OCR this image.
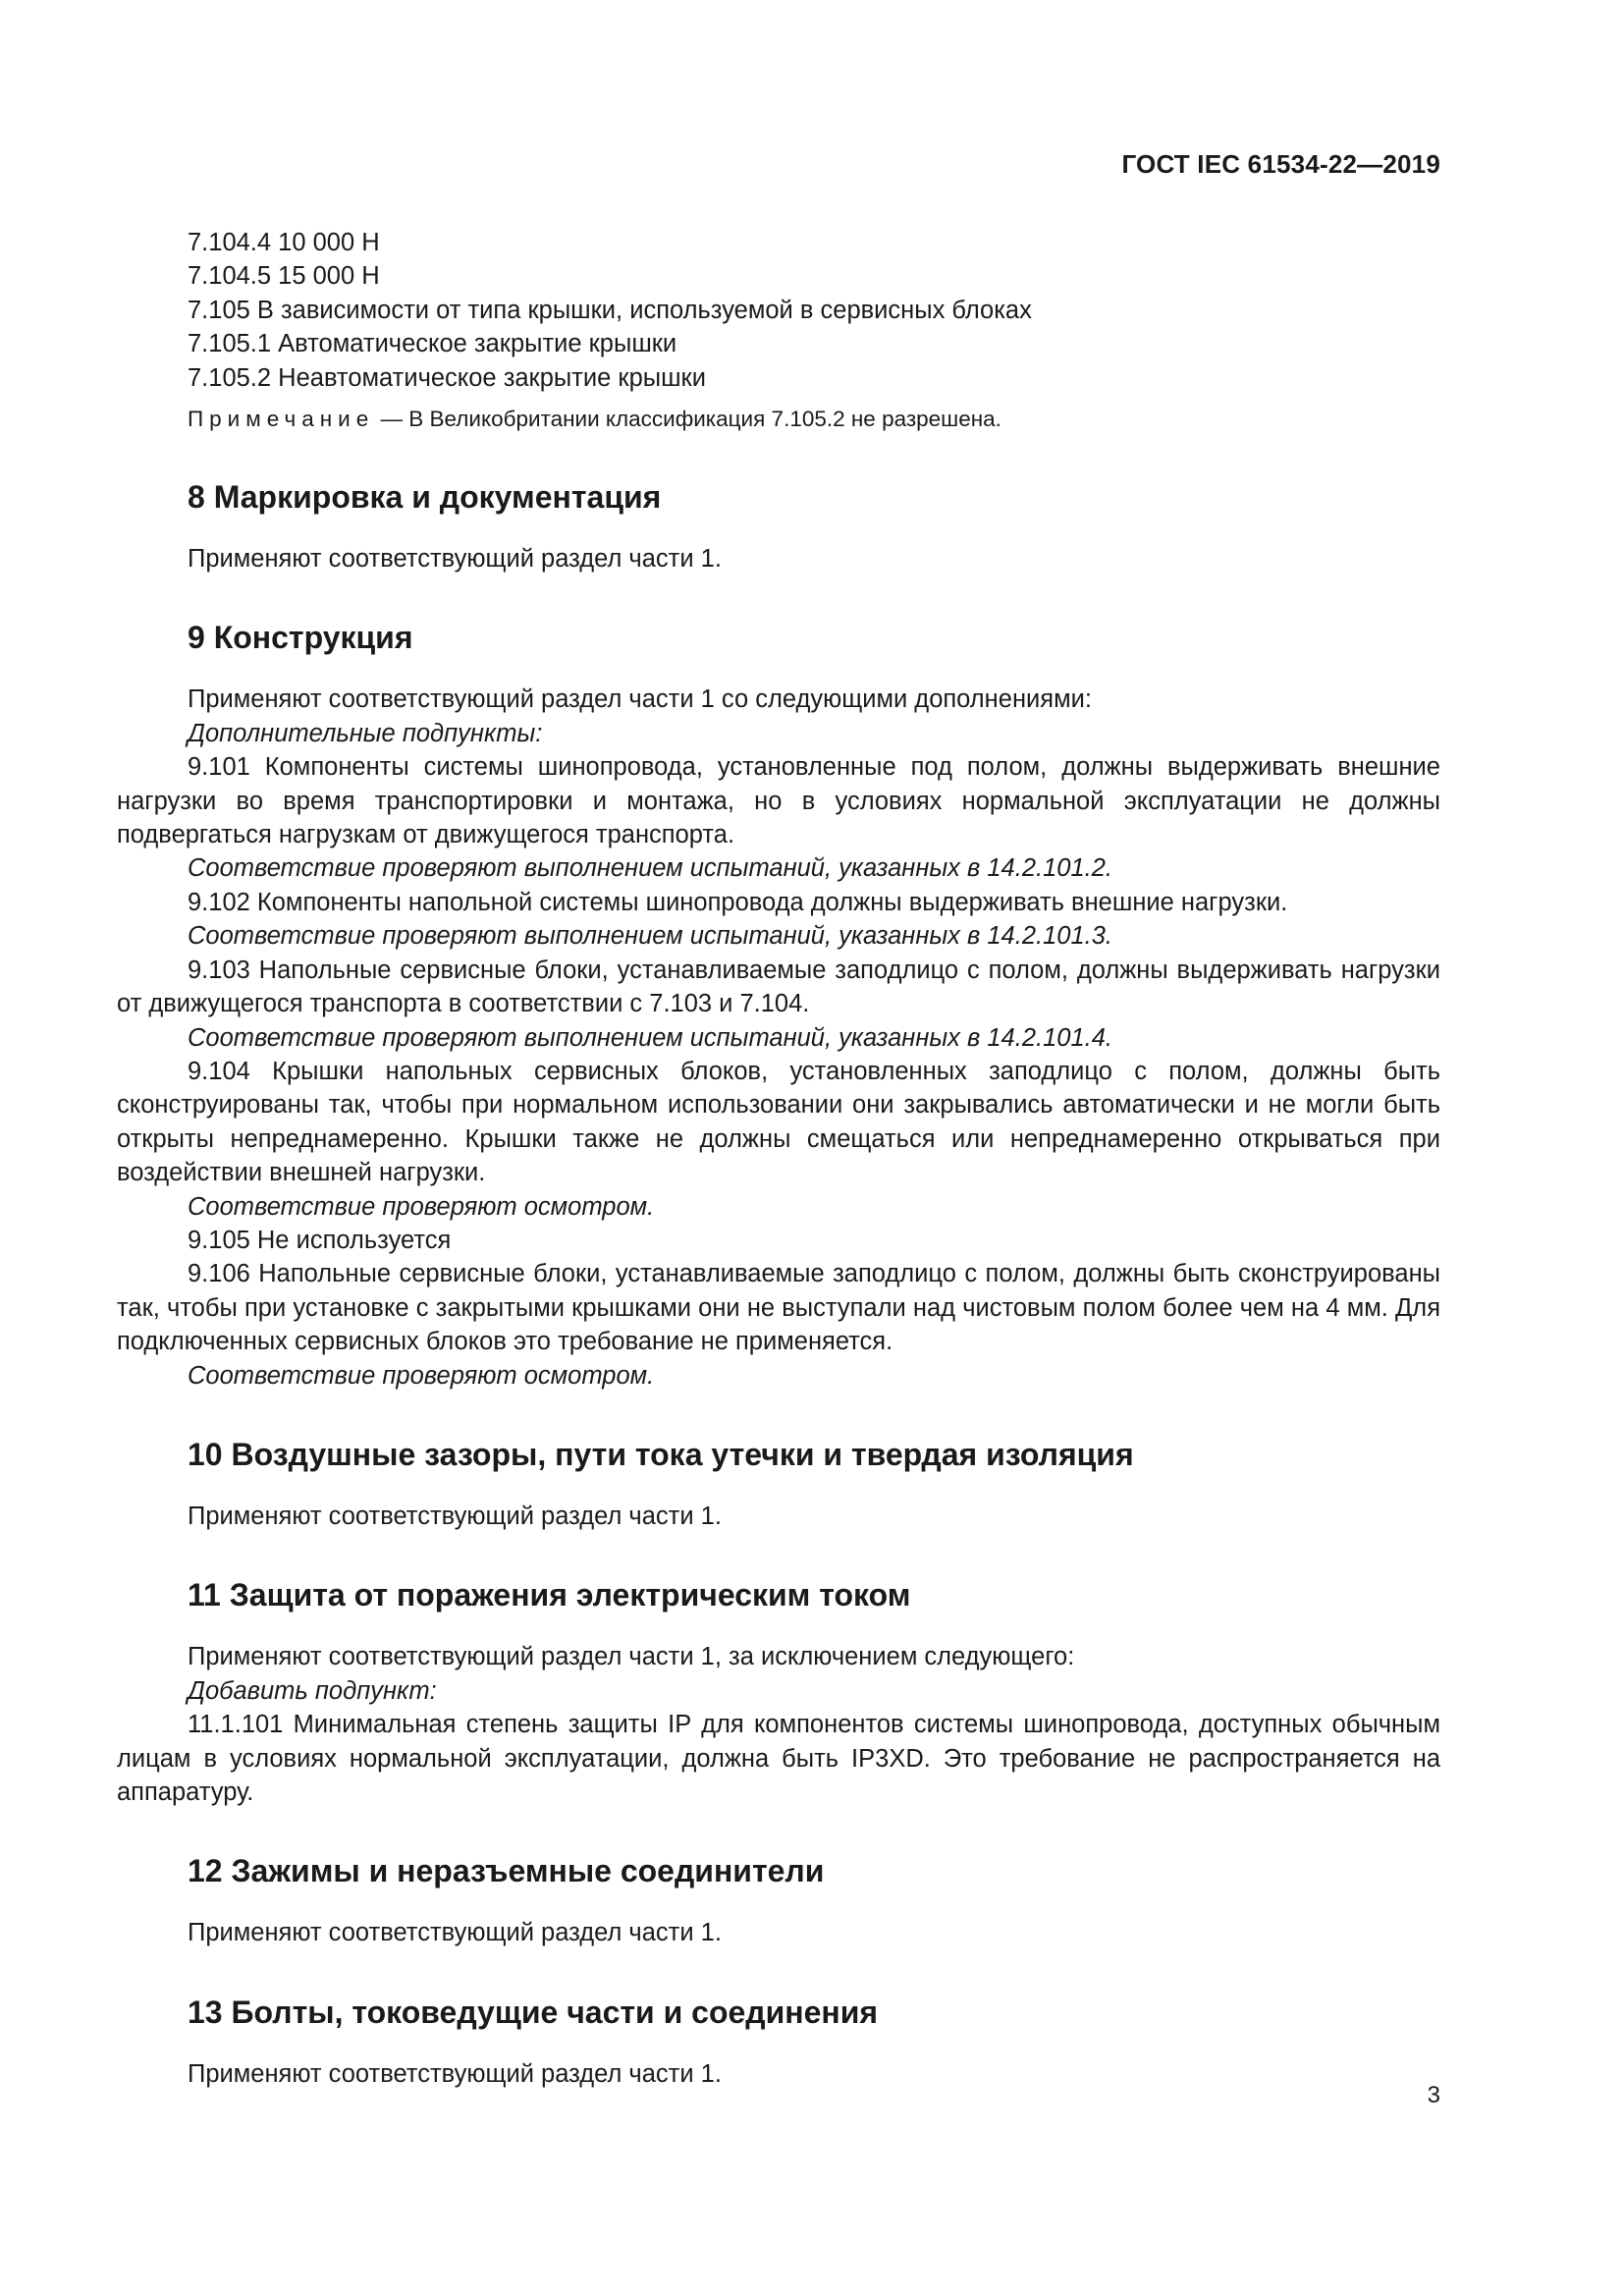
ГОСТ IEC 61534-22—2019

7.104.4 10 000 Н

7.104.5 15 000 Н

7.105 В зависимости от типа крышки, используемой в сервисных блоках

7.105.1 Автоматическое закрытие крышки

7.105.2 Неавтоматическое закрытие крышки

Примечание — В Великобритании классификация 7.105.2 не разрешена.
8 Маркировка и документация

Применяют соответствующий раздел части 1.

9 Конструкция

Применяют соответствующий раздел части 1 со следующими дополнениями:

Дополнительные подпункты:

9.101 Компоненты системы шинопровода, установленные под полом, должны выдерживать внешние нагрузки во время транспортировки и монтажа, но в условиях нормальной эксплуатации не должны подвергаться нагрузкам от движущегося транспорта.

Соответствие проверяют выполнением испытаний, указанных в 14.2.101.2.

9.102 Компоненты напольной системы шинопровода должны выдерживать внешние нагрузки.

Соответствие проверяют выполнением испытаний, указанных в 14.2.101.3.

9.103 Напольные сервисные блоки, устанавливаемые заподлицо с полом, должны выдерживать нагрузки от движущегося транспорта в соответствии с 7.103 и 7.104.

Соответствие проверяют выполнением испытаний, указанных в 14.2.101.4.

9.104 Крышки напольных сервисных блоков, установленных заподлицо с полом, должны быть сконструированы так, чтобы при нормальном использовании они закрывались автоматически и не могли быть открыты непреднамеренно. Крышки также не должны смещаться или непреднамеренно открываться при воздействии внешней нагрузки.

Соответствие проверяют осмотром.

9.105 Не используется

9.106 Напольные сервисные блоки, устанавливаемые заподлицо с полом, должны быть сконструированы так, чтобы при установке с закрытыми крышками они не выступали над чистовым полом более чем на 4 мм. Для подключенных сервисных блоков это требование не применяется.

Соответствие проверяют осмотром.

10 Воздушные зазоры, пути тока утечки и твердая изоляция

Применяют соответствующий раздел части 1.

11 Защита от поражения электрическим током

Применяют соответствующий раздел части 1, за исключением следующего:

Добавить подпункт:

11.1.101 Минимальная степень защиты IP для компонентов системы шинопровода, доступных обычным лицам в условиях нормальной эксплуатации, должна быть IP3XD. Это требование не распространяется на аппаратуру.

12 Зажимы и неразъемные соединители

Применяют соответствующий раздел части 1.

13 Болты, токоведущие части и соединения

Применяют соответствующий раздел части 1.

3
